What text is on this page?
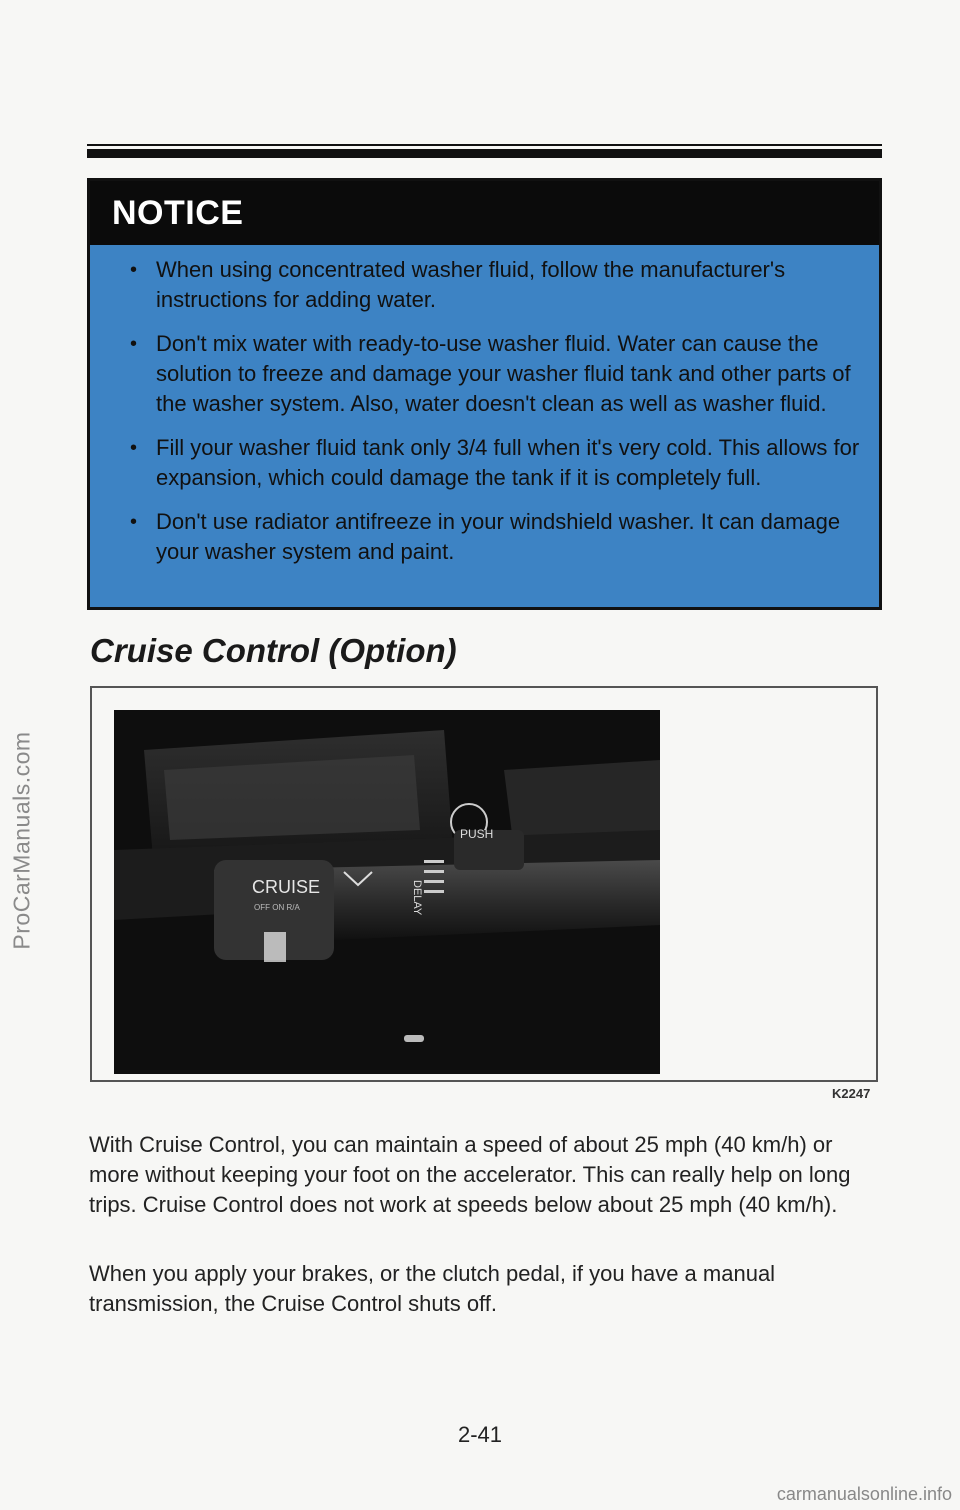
ProCarManuals.com
NOTICE
• When using concentrated washer fluid, follow the manufacturer's instructions for adding water.
• Don't mix water with ready-to-use washer fluid. Water can cause the solution to freeze and damage your washer fluid tank and other parts of the washer system. Also, water doesn't clean as well as washer fluid.
• Fill your washer fluid tank only 3/4 full when it's very cold. This allows for expansion, which could damage the tank if it is completely full.
• Don't use radiator antifreeze in your windshield washer. It can damage your washer system and paint.
Cruise Control (Option)
PUSH
CRUISE
OFF ON R/A	DELAY
K2247
With Cruise Control, you can maintain a speed of about 25 mph (40 km/h) or more without keeping your foot on the accelerator. This can really help on long trips. Cruise Control does not work at speeds below about 25 mph (40 km/h).
When you apply your brakes, or the clutch pedal, if you have a manual transmission, the Cruise Control shuts off.
2-41
carmanualsonline.info
